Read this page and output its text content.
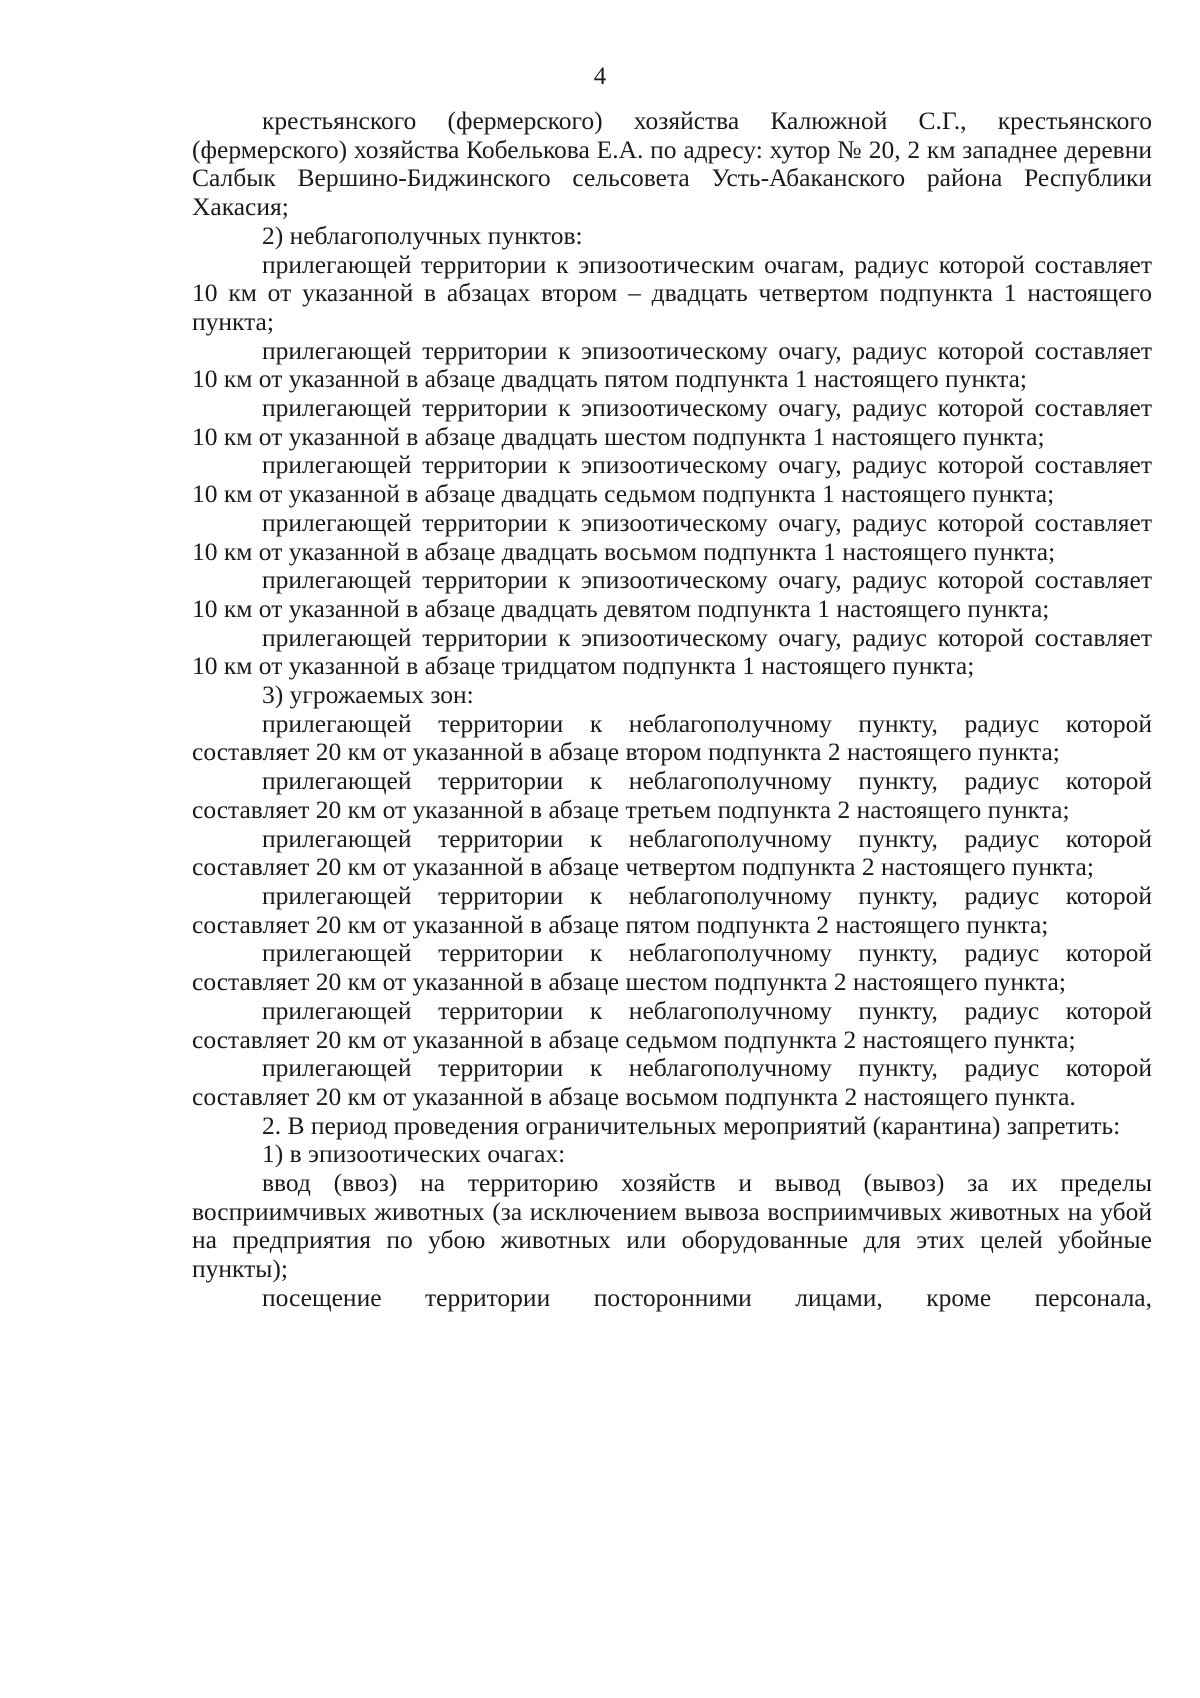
4

крестьянского (фермерского) хозяйства Калюжной С.Г., крестьянского (фермерского) хозяйства Кобелькова Е.А. по адресу: хутор № 20, 2 км западнее деревни Салбык Вершино-Биджинского сельсовета Усть-Абаканского района Республики Хакасия;

2) неблагополучных пунктов:

прилегающей территории к эпизоотическим очагам, радиус которой составляет 10 км от указанной в абзацах втором – двадцать четвертом подпункта 1 настоящего пункта;

прилегающей территории к эпизоотическому очагу, радиус которой составляет 10 км от указанной в абзаце двадцать пятом подпункта 1 настоящего пункта;

прилегающей территории к эпизоотическому очагу, радиус которой составляет 10 км от указанной в абзаце двадцать шестом подпункта 1 настоящего пункта;

прилегающей территории к эпизоотическому очагу, радиус которой составляет 10 км от указанной в абзаце двадцать седьмом подпункта 1 настоящего пункта;

прилегающей территории к эпизоотическому очагу, радиус которой составляет 10 км от указанной в абзаце двадцать восьмом подпункта 1 настоящего пункта;

прилегающей территории к эпизоотическому очагу, радиус которой составляет 10 км от указанной в абзаце двадцать девятом подпункта 1 настоящего пункта;

прилегающей территории к эпизоотическому очагу, радиус которой составляет 10 км от указанной в абзаце тридцатом подпункта 1 настоящего пункта;

3) угрожаемых зон:

прилегающей территории к неблагополучному пункту, радиус которой составляет 20 км от указанной в абзаце втором подпункта 2 настоящего пункта;

прилегающей территории к неблагополучному пункту, радиус которой составляет 20 км от указанной в абзаце третьем подпункта 2 настоящего пункта;

прилегающей территории к неблагополучному пункту, радиус которой составляет 20 км от указанной в абзаце четвертом подпункта 2 настоящего пункта;

прилегающей территории к неблагополучному пункту, радиус которой составляет 20 км от указанной в абзаце пятом подпункта 2 настоящего пункта;

прилегающей территории к неблагополучному пункту, радиус которой составляет 20 км от указанной в абзаце шестом подпункта 2 настоящего пункта;

прилегающей территории к неблагополучному пункту, радиус которой составляет 20 км от указанной в абзаце седьмом подпункта 2 настоящего пункта;

прилегающей территории к неблагополучному пункту, радиус которой составляет 20 км от указанной в абзаце восьмом подпункта 2 настоящего пункта.

2. В период проведения ограничительных мероприятий (карантина) запретить:

1) в эпизоотических очагах:

ввод (ввоз) на территорию хозяйств и вывод (вывоз) за их пределы восприимчивых животных (за исключением вывоза восприимчивых животных на убой на предприятия по убою животных или оборудованные для этих целей убойные пункты);

посещение территории посторонними лицами, кроме персонала,
